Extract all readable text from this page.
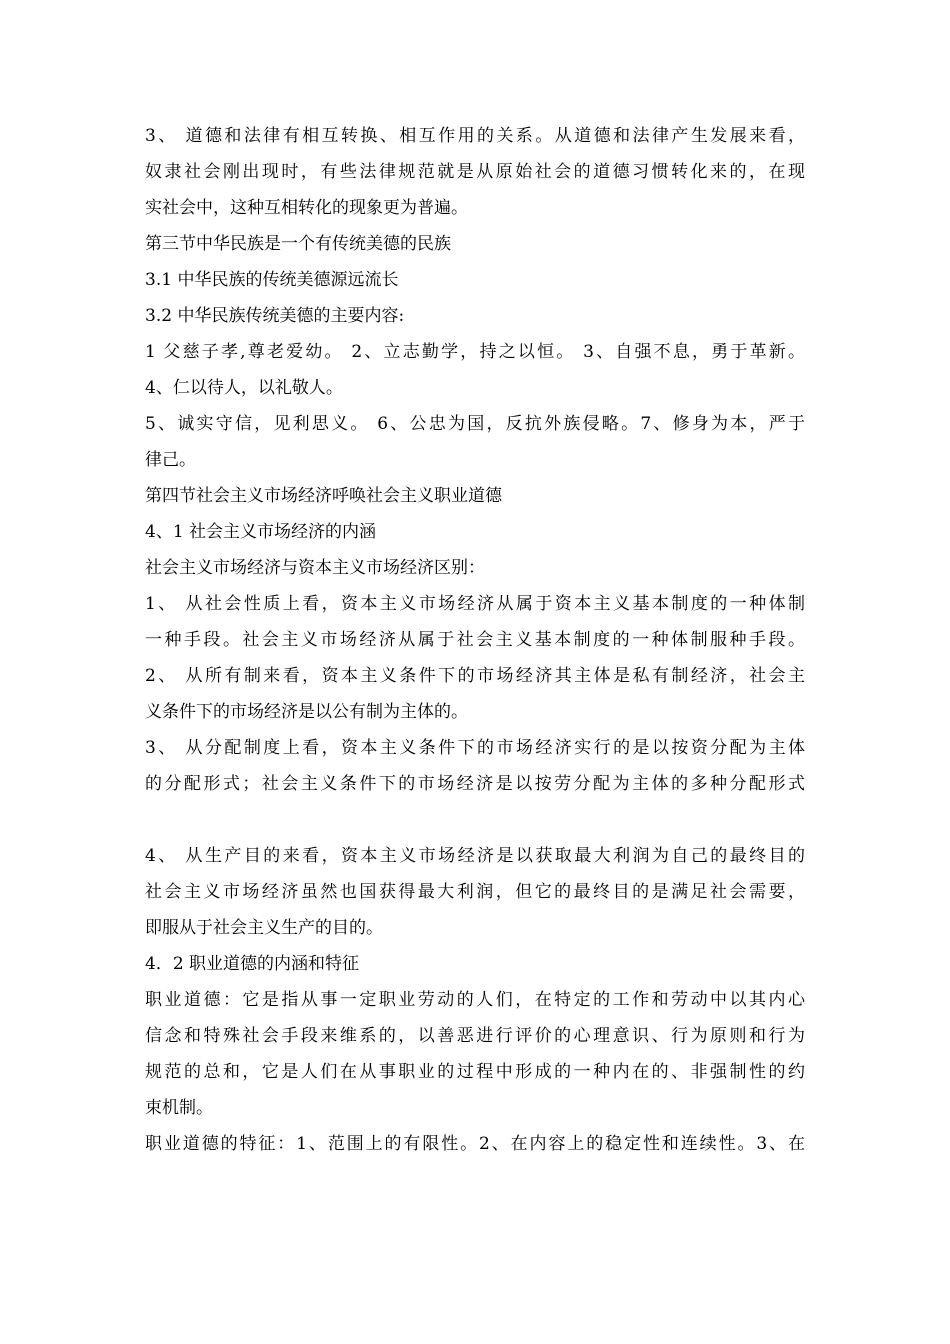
3、 道德和法律有相互转换、相互作用的关系。从道德和法律产生发展来看，
奴隶社会刚出现时，有些法律规范就是从原始社会的道德习惯转化来的，在现
实社会中，这种互相转化的现象更为普遍。
第三节中华民族是一个有传统美德的民族
3.1 中华民族的传统美德源远流长
3.2 中华民族传统美德的主要内容:
1 父慈子孝,尊老爱幼。 2、立志勤学，持之以恒。 3、自强不息，勇于革新。
4、仁以待人，以礼敬人。
5、诚实守信，见利思义。 6、公忠为国，反抗外族侵略。7、修身为本，严于
律己。
第四节社会主义市场经济呼唤社会主义职业道德
4、1 社会主义市场经济的内涵
社会主义市场经济与资本主义市场经济区别：
1、 从社会性质上看，资本主义市场经济从属于资本主义基本制度的一种体制
一种手段。社会主义市场经济从属于社会主义基本制度的一种体制服种手段。
2、 从所有制来看，资本主义条件下的市场经济其主体是私有制经济，社会主
义条件下的市场经济是以公有制为主体的。
3、 从分配制度上看，资本主义条件下的市场经济实行的是以按资分配为主体
的分配形式；社会主义条件下的市场经济是以按劳分配为主体的多种分配形式
4、 从生产目的来看，资本主义市场经济是以获取最大利润为自己的最终目的
社会主义市场经济虽然也国获得最大利润，但它的最终目的是满足社会需要，
即服从于社会主义生产的目的。
4．2 职业道德的内涵和特征
职业道德：它是指从事一定职业劳动的人们，在特定的工作和劳动中以其内心
信念和特殊社会手段来维系的，以善恶进行评价的心理意识、行为原则和行为
规范的总和，它是人们在从事职业的过程中形成的一种内在的、非强制性的约
束机制。
职业道德的特征：1、范围上的有限性。2、在内容上的稳定性和连续性。3、在
